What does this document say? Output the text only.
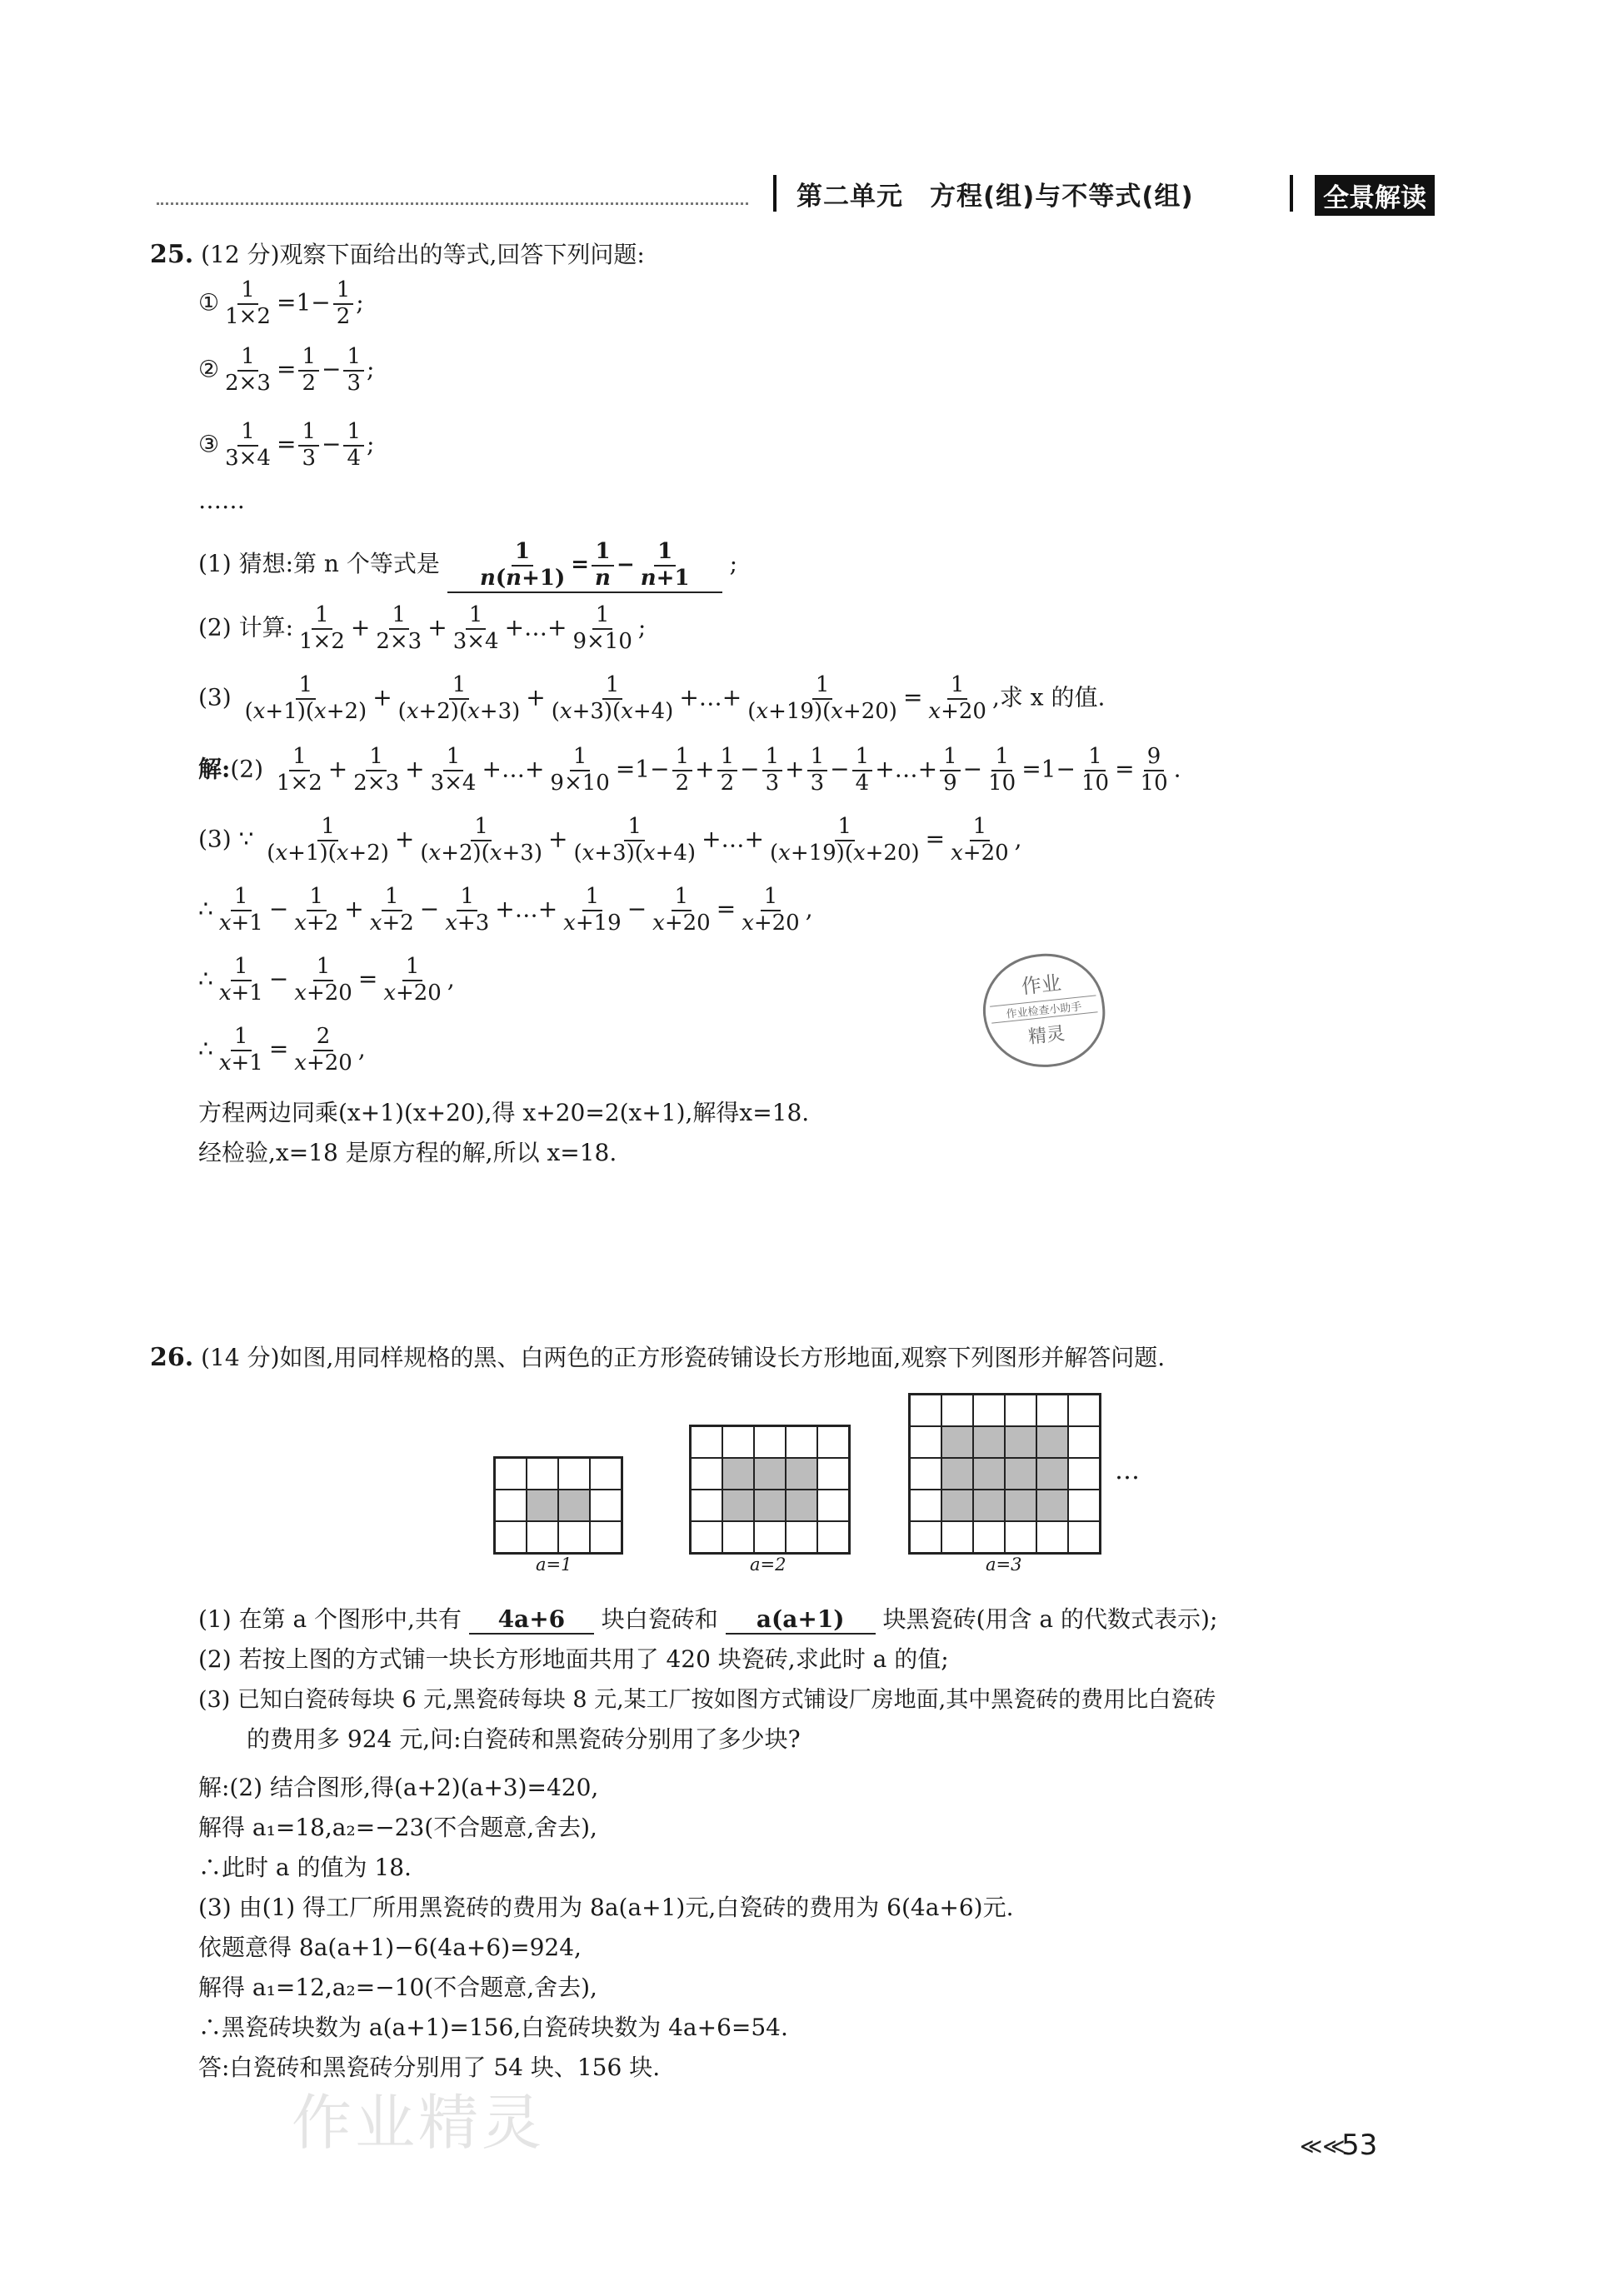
第二单元　方程(组)与不等式(组)	全景解读
25. (12 分)观察下面给出的等式,回答下列问题:
① $\frac{1}{1\times 2} =1- \frac{1}{2}$ ;
② $\frac{1}{2\times 3} = \frac{1}{2} - \frac{1}{3}$ ;
③ $\frac{1}{3\times 4} = \frac{1}{3} - \frac{1}{4}$ ;
……
(1) 猜想:第 n 个等式是 $\frac{1}{n(n+1)} = \frac{1}{n} - \frac{1}{n+1}$ ;
(2) 计算: $\frac{1}{1\times 2} + \frac{1}{2\times 3} + \frac{1}{3\times 4}$ +…+ $\frac{1}{9\times 10}$ ;
$(3) \frac{1}{(x+1)(x+2)} + \frac{1}{(x+2)(x+3)} + \frac{1}{(x+3)(x+4)}$ +…+ $\frac{1}{(x+19)(x+20)} = \frac{1}{x+20}$ ,求 x 的值.
解:(2) $\frac{1}{1\times 2} + \frac{1}{2\times 3} + \frac{1}{3\times 4}$ +…+ $\frac{1}{9\times 10} =1- \frac{1}{2} + \frac{1}{2} - \frac{1}{3} + \frac{1}{3} - \frac{1}{4}$ +…+ $\frac{1}{9} - \frac{1}{10} =1- \frac{1}{10} = \frac{9}{10}$ .
(3) ∵ $\frac{1}{(x+1)(x+2)} + \frac{1}{(x+2)(x+3)} + \frac{1}{(x+3)(x+4)}$ +…+ $\frac{1}{(x+19)(x+20)} = \frac{1}{x+20}$ ,
∴ $\frac{1}{x+1} - \frac{1}{x+2} + \frac{1}{x+2} - \frac{1}{x+3}$ +…+ $\frac{1}{x+19} - \frac{1}{x+20} = \frac{1}{x+20}$ ,
∴ $\frac{1}{x+1} - \frac{1}{x+20} = \frac{1}{x+20}$ ,
∴ $\frac{1}{x+1} = \frac{2}{x+20}$ ,
方程两边同乘(x+1)(x+20),得 x+20=2(x+1),解得x=18.
经检验,x=18 是原方程的解,所以 x=18.
作业
作业检查小助手
精灵
26. (14 分)如图,用同样规格的黑、白两色的正方形瓷砖铺设长方形地面,观察下列图形并解答问题.
a=1	a=2	a=3
…
(1) 在第 a 个图形中,共有 4a+6 块白瓷砖和 a(a+1) 块黑瓷砖(用含 a 的代数式表示);
(2) 若按上图的方式铺一块长方形地面共用了 420 块瓷砖,求此时 a 的值;
(3) 已知白瓷砖每块 6 元,黑瓷砖每块 8 元,某工厂按如图方式铺设厂房地面,其中黑瓷砖的费用比白瓷砖
的费用多 924 元,问:白瓷砖和黑瓷砖分别用了多少块?
解:(2) 结合图形,得(a+2)(a+3)=420,
解得 a₁=18,a₂=−23(不合题意,舍去),
∴此时 a 的值为 18.
(3) 由(1) 得工厂所用黑瓷砖的费用为 8a(a+1)元,白瓷砖的费用为 6(4a+6)元.
依题意得 8a(a+1)−6(4a+6)=924,
解得 a₁=12,a₂=−10(不合题意,舍去),
∴黑瓷砖块数为 a(a+1)=156,白瓷砖块数为 4a+6=54.
答:白瓷砖和黑瓷砖分别用了 54 块、156 块.
作业精灵	≪≪
53
